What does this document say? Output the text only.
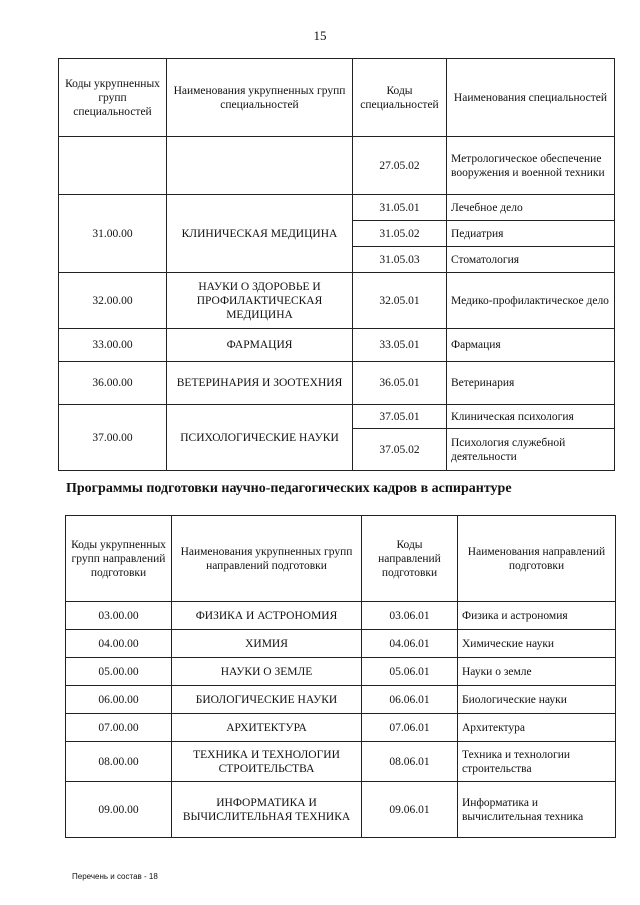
15
Коды укрупненных групп специальностей	Наименования укрупненных групп специальностей	Коды специальностей	Наименования специальностей
		27.05.02	Метрологическое обеспечение вооружения и военной техники
31.00.00	КЛИНИЧЕСКАЯ МЕДИЦИНА	31.05.01	Лечебное дело
		31.05.02	Педиатрия
		31.05.03	Стоматология
32.00.00	НАУКИ О ЗДОРОВЬЕ И ПРОФИЛАКТИЧЕСКАЯ МЕДИЦИНА	32.05.01	Медико-профилактическое дело
33.00.00	ФАРМАЦИЯ	33.05.01	Фармация
36.00.00	ВЕТЕРИНАРИЯ И ЗООТЕХНИЯ	36.05.01	Ветеринария
37.00.00	ПСИХОЛОГИЧЕСКИЕ НАУКИ	37.05.01	Клиническая психология
		37.05.02	Психология служебной деятельности
Программы подготовки научно-педагогических кадров в аспирантуре
Коды укрупненных групп направлений подготовки	Наименования укрупненных групп направлений подготовки	Коды направлений подготовки	Наименования направлений подготовки
03.00.00	ФИЗИКА И АСТРОНОМИЯ	03.06.01	Физика и астрономия
04.00.00	ХИМИЯ	04.06.01	Химические науки
05.00.00	НАУКИ О ЗЕМЛЕ	05.06.01	Науки о земле
06.00.00	БИОЛОГИЧЕСКИЕ НАУКИ	06.06.01	Биологические науки
07.00.00	АРХИТЕКТУРА	07.06.01	Архитектура
08.00.00	ТЕХНИКА И ТЕХНОЛОГИИ СТРОИТЕЛЬСТВА	08.06.01	Техника и технологии строительства
09.00.00	ИНФОРМАТИКА И ВЫЧИСЛИТЕЛЬНАЯ ТЕХНИКА	09.06.01	Информатика и вычислительная техника
Перечень и состав - 18
